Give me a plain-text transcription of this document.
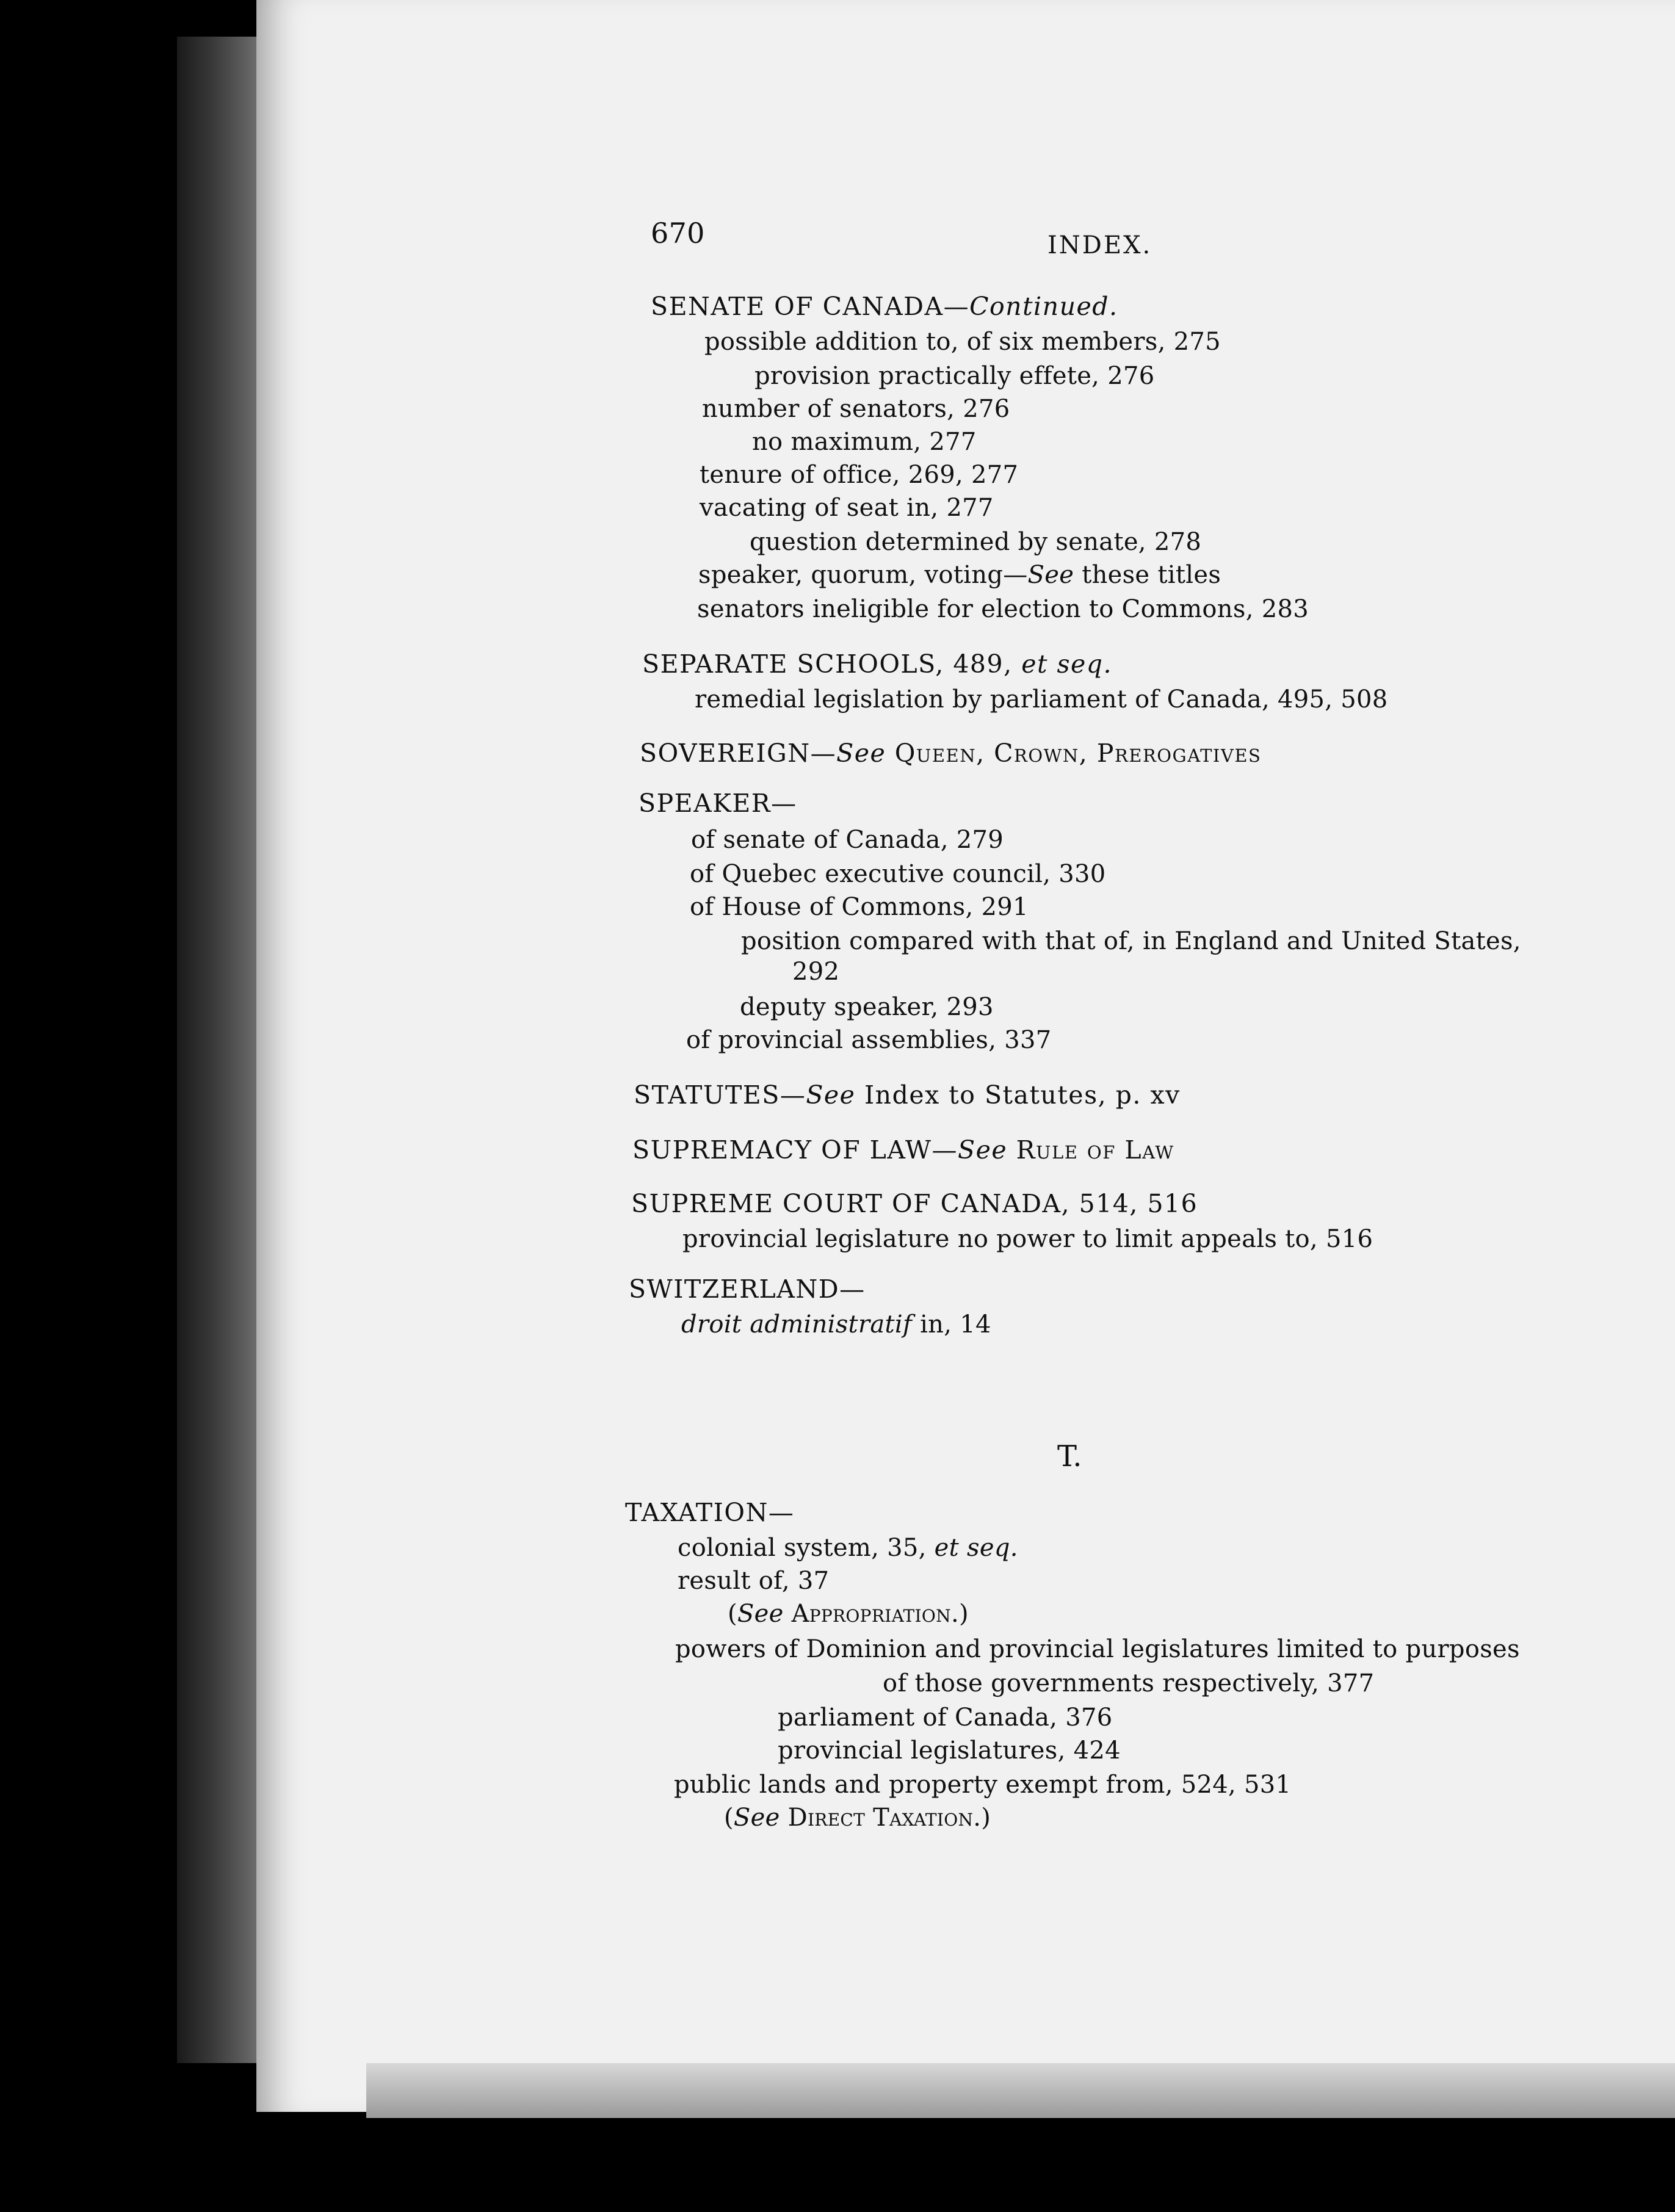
670	INDEX.
SENATE OF CANADA—Continued.
possible addition to, of six members, 275
provision practically effete, 276
number of senators, 276
no maximum, 277
tenure of office, 269, 277
vacating of seat in, 277
question determined by senate, 278
speaker, quorum, voting—See these titles
senators ineligible for election to Commons, 283
SEPARATE SCHOOLS, 489, et seq.
remedial legislation by parliament of Canada, 495, 508
SOVEREIGN—See Queen, Crown, Prerogatives
SPEAKER—
of senate of Canada, 279
of Quebec executive council, 330
of House of Commons, 291
position compared with that of, in England and United States,
292
deputy speaker, 293
of provincial assemblies, 337
STATUTES—See Index to Statutes, p. xv
SUPREMACY OF LAW—See Rule of Law
SUPREME COURT OF CANADA, 514, 516
provincial legislature no power to limit appeals to, 516
SWITZERLAND—
droit administratif in, 14
T.
TAXATION—
colonial system, 35, et seq.
result of, 37
(See Appropriation.)
powers of Dominion and provincial legislatures limited to purposes
of those governments respectively, 377
parliament of Canada, 376
provincial legislatures, 424
public lands and property exempt from, 524, 531
(See Direct Taxation.)
